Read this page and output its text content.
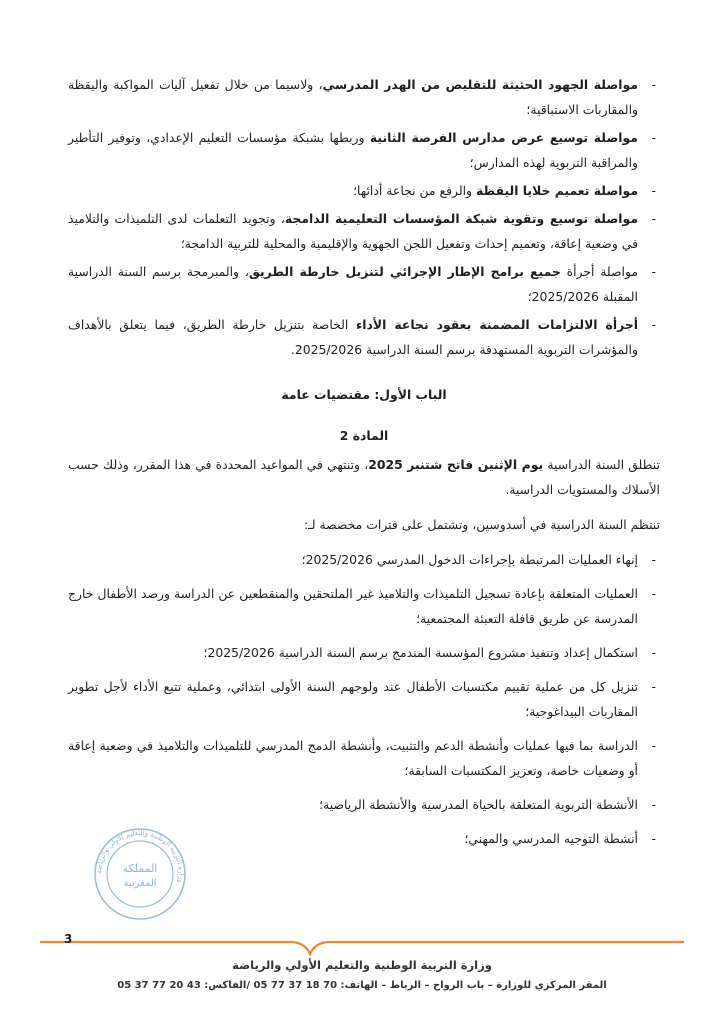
-
مواصلة الجهود الحثيثة للتقليص من الهدر المدرسي، ولاسيما من خلال تفعيل آليات المواكبة واليقظة والمقاربات الاستباقية؛
-
مواصلة توسيع عرض مدارس الفرصة الثانية وربطها بشبكة مؤسسات التعليم الإعدادي، وتوفير التأطير والمراقبة التربوية لهذه المدارس؛
-
مواصلة تعميم خلايا اليقظة والرفع من نجاعة أدائها؛
-
مواصلة توسيع وتقوية شبكة المؤسسات التعليمية الدامجة، وتجويد التعلمات لدى التلميذات والتلاميذ في وضعية إعاقة، وتعميم إحداث وتفعيل اللجن الجهوية والإقليمية والمحلية للتربية الدامجة؛
-
مواصلة أجرأة جميع برامج الإطار الإجرائي لتنزيل خارطة الطريق، والمبرمجة برسم السنة الدراسية المقبلة 2025/2026؛
-
أجرأة الالتزامات المضمنة بعقود نجاعة الأداء الخاصة بتنزيل خارطة الطريق، فيما يتعلق بالأهداف والمؤشرات التربوية المستهدفة برسم السنة الدراسية 2025/2026.
الباب الأول: مقتضيات عامة
المادة 2

تنطلق السنة الدراسية يوم الإثنين فاتح شتنبر 2025، وتنتهي في المواعيد المحددة في هذا المقرر، وذلك حسب الأسلاك والمستويات الدراسية.

تنتظم السنة الدراسية في أسدوسين، وتشتمل على فترات مخصصة لـ:

-
إنهاء العمليات المرتبطة بإجراءات الدخول المدرسي 2025/2026؛
-
العمليات المتعلقة بإعادة تسجيل التلميذات والتلاميذ غير الملتحقين والمنقطعين عن الدراسة ورصد الأطفال خارج المدرسة عن طريق قافلة التعبئة المجتمعية؛
-
استكمال إعداد وتنفيذ مشروع المؤسسة المندمج برسم السنة الدراسية 2025/2026؛
-
تنزيل كل من عملية تقييم مكتسبات الأطفال عند ولوجهم السنة الأولى ابتدائي، وعملية تتبع الأداء لأجل تطوير المقاربات البيداغوجية؛
-
الدراسة بما فيها عمليات وأنشطة الدعم والتثبيت، وأنشطة الدمج المدرسي للتلميذات والتلاميذ في وضعية إعاقة أو وضعيات خاصة، وتعزيز المكتسبات السابقة؛
-
الأنشطة التربوية المتعلقة بالحياة المدرسية والأنشطة الرياضية؛
-
أنشطة التوجيه المدرسي والمهني؛
وزارة التربية الوطنية والتعليم الأولي والرياضة
المملكة
المغربية
3
وزارة التربية الوطنية والتعليم الأولي والرياضة
المقر المركزي للوزارة – باب الرواح – الرباط – الهاتف: 70 18 37 77 05 /الفاكس: 43 20 77 37 05
